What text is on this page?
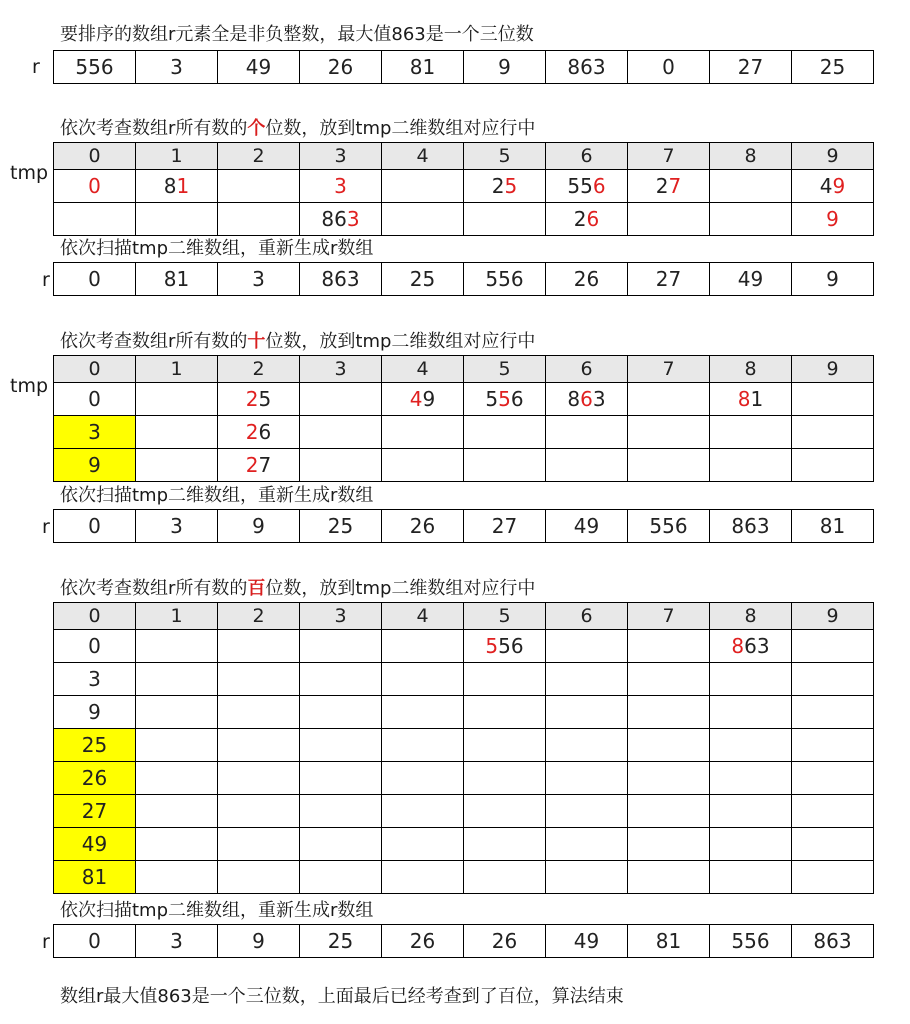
要排序的数组r元素全是非负整数，最大值863是一个三位数
r 556	3	49	26	81	9	863	0	27	25
依次考查数组r所有数的个位数，放到tmp二维数组对应行中
tmp
0	1	2	3	4	5	6	7	8	9
0	81		3		25	556	27		49
			863			26			9
依次扫描tmp二维数组，重新生成r数组
r 0	81	3	863	25	556	26	27	49	9
依次考查数组r所有数的十位数，放到tmp二维数组对应行中
tmp
0	1	2	3	4	5	6	7	8	9
0		25		49	556	863		81	
3		26							
9		27							
依次扫描tmp二维数组，重新生成r数组
r 0	3	9	25	26	27	49	556	863	81
依次考查数组r所有数的百位数，放到tmp二维数组对应行中
0	1	2	3	4	5	6	7	8	9
0					556			863	
3									
9									
25									
26									
27									
49									
81									
依次扫描tmp二维数组，重新生成r数组
r 0	3	9	25	26	26	49	81	556	863
数组r最大值863是一个三位数，上面最后已经考查到了百位，算法结束
